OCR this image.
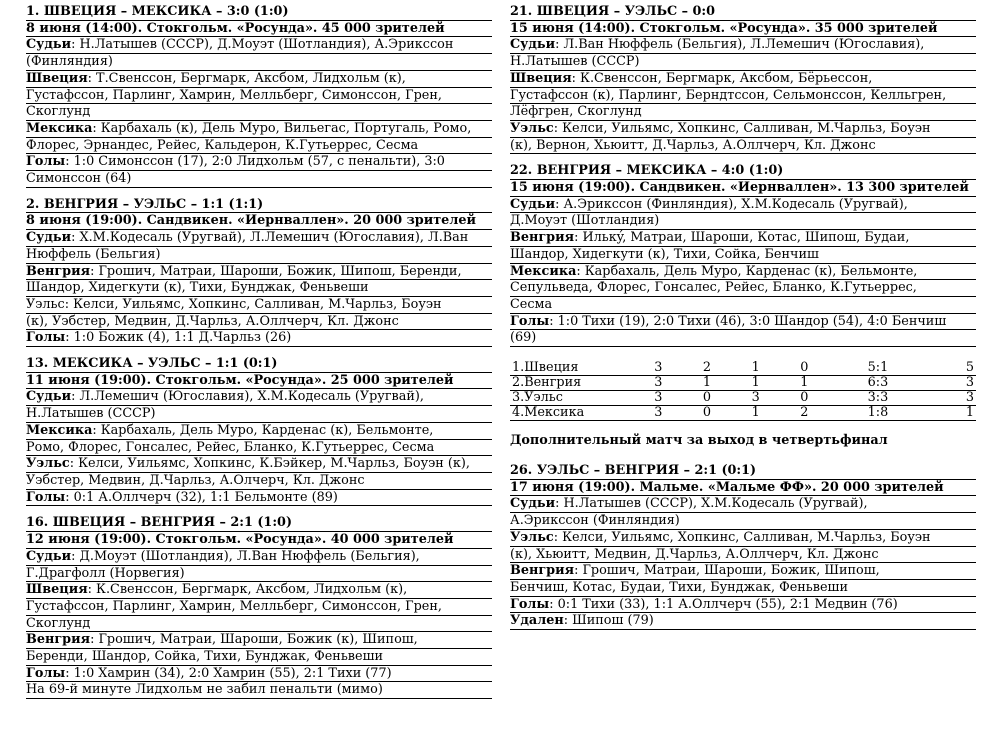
1. ШВЕЦИЯ – МЕКСИКА – 3:0 (1:0)
8 июня (14:00). Стокгольм. «Росунда». 45 000 зрителей
Судьи: Н.Латышев (СССР), Д.Моуэт (Шотландия), А.Эрикссон
(Финляндия)
Швеция: Т.Свенссон, Бергмарк, Аксбом, Лидхольм (к),
Густафссон, Парлинг, Хамрин, Мелльберг, Симонссон, Грен,
Скоглунд
Мексика: Карбахаль (к), Дель Муро, Вильегас, Португаль, Ромо,
Флорес, Эрнандес, Рейес, Кальдерон, К.Гутьеррес, Сесма
Голы: 1:0 Симонссон (17), 2:0 Лидхольм (57, с пенальти), 3:0
Симонссон (64)
2. ВЕНГРИЯ – УЭЛЬС – 1:1 (1:1)
8 июня (19:00). Сандвикен. «Иернваллен». 20 000 зрителей
Судьи: Х.М.Кодесаль (Уругвай), Л.Лемешич (Югославия), Л.Ван
Нюффель (Бельгия)
Венгрия: Грошич, Матраи, Шароши, Божик, Шипош, Беренди,
Шандор, Хидегкути (к), Тихи, Бунджак, Феньвеши
Уэльс: Келси, Уильямс, Хопкинс, Салливан, М.Чарльз, Боуэн
(к), Уэбстер, Медвин, Д.Чарльз, А.Оллчерч, Кл. Джонс
Голы: 1:0 Божик (4), 1:1 Д.Чарльз (26)
13. МЕКСИКА – УЭЛЬС – 1:1 (0:1)
11 июня (19:00). Стокгольм. «Росунда». 25 000 зрителей
Судьи: Л.Лемешич (Югославия), Х.М.Кодесаль (Уругвай),
Н.Латышев (СССР)
Мексика: Карбахаль, Дель Муро, Карденас (к), Бельмонте,
Ромо, Флорес, Гонсалес, Рейес, Бланко, К.Гутьеррес, Сесма
Уэльс: Келси, Уильямс, Хопкинс, К.Бэйкер, М.Чарльз, Боуэн (к),
Уэбстер, Медвин, Д.Чарльз, А.Олчерч, Кл. Джонс
Голы: 0:1 А.Оллчерч (32), 1:1 Бельмонте (89)
16. ШВЕЦИЯ – ВЕНГРИЯ – 2:1 (1:0)
12 июня (19:00). Стокгольм. «Росунда». 40 000 зрителей
Судьи: Д.Моуэт (Шотландия), Л.Ван Нюффель (Бельгия),
Г.Драгфолл (Норвегия)
Швеция: К.Свенссон, Бергмарк, Аксбом, Лидхольм (к),
Густафссон, Парлинг, Хамрин, Мелльберг, Симонссон, Грен,
Скоглунд
Венгрия: Грошич, Матраи, Шароши, Божик (к), Шипош,
Беренди, Шандор, Сойка, Тихи, Бунджак, Феньвеши
Голы: 1:0 Хамрин (34), 2:0 Хамрин (55), 2:1 Тихи (77)
На 69-й минуте Лидхольм не забил пенальти (мимо)
21. ШВЕЦИЯ – УЭЛЬС – 0:0
15 июня (14:00). Стокгольм. «Росунда». 35 000 зрителей
Судьи: Л.Ван Нюффель (Бельгия), Л.Лемешич (Югославия),
Н.Латышев (СССР)
Швеция: К.Свенссон, Бергмарк, Аксбом, Бёрьессон,
Густафссон (к), Парлинг, Берндтссон, Сельмонссон, Келльгрен,
Лёфгрен, Скоглунд
Уэльс: Келси, Уильямс, Хопкинс, Салливан, М.Чарльз, Боуэн
(к), Вернон, Хьюитт, Д.Чарльз, А.Оллчерч, Кл. Джонс
22. ВЕНГРИЯ – МЕКСИКА – 4:0 (1:0)
15 июня (19:00). Сандвикен. «Иернваллен». 13 300 зрителей
Судьи: А.Эрикссон (Финляндия), Х.М.Кодесаль (Уругвай),
Д.Моуэт (Шотландия)
Венгрия: Илькý, Матраи, Шароши, Котас, Шипош, Будаи,
Шандор, Хидегкути (к), Тихи, Сойка, Бенчиш
Мексика: Карбахаль, Дель Муро, Карденас (к), Бельмонте,
Сепульведа, Флорес, Гонсалес, Рейес, Бланко, К.Гутьеррес,
Сесма
Голы: 1:0 Тихи (19), 2:0 Тихи (46), 3:0 Шандор (54), 4:0 Бенчиш
(69)
1.Швеция	3	2	1	0	5:1	5
2.Венгрия	3	1	1	1	6:3	3
3.Уэльс	3	0	3	0	3:3	3
4.Мексика	3	0	1	2	1:8	1
Дополнительный матч за выход в четвертьфинал
26. УЭЛЬС – ВЕНГРИЯ – 2:1 (0:1)
17 июня (19:00). Мальме. «Мальме ФФ». 20 000 зрителей
Судьи: Н.Латышев (СССР), Х.М.Кодесаль (Уругвай),
А.Эрикссон (Финляндия)
Уэльс: Келси, Уильямс, Хопкинс, Салливан, М.Чарльз, Боуэн
(к), Хьюитт, Медвин, Д.Чарльз, А.Оллчерч, Кл. Джонс
Венгрия: Грошич, Матраи, Шароши, Божик, Шипош,
Бенчиш, Котас, Будаи, Тихи, Бунджак, Феньвеши
Голы: 0:1 Тихи (33), 1:1 А.Оллчерч (55), 2:1 Медвин (76)
Удален: Шипош (79)
